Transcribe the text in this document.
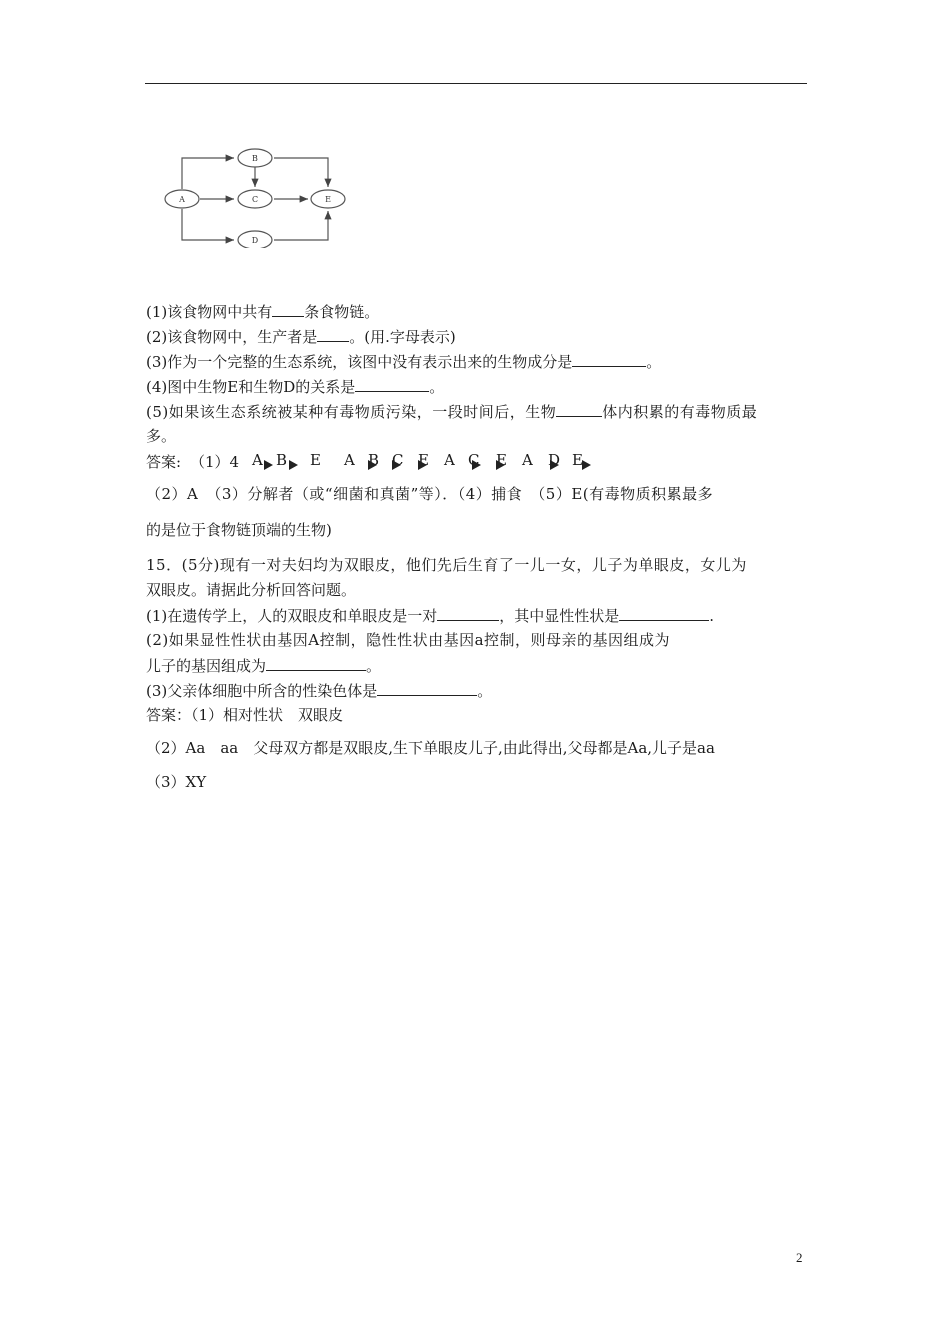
A
B
C
D
E
(1)该食物网中共有 条食物链。
(2)该食物网中，生产者是 。(用.字母表示)
(3)作为一个完整的生态系统，该图中没有表示出来的生物成分是	。
(4)图中生物E和生物D的关系是	。
(5)如果该生态系统被某种有毒物质污染，一段时间后，生物	体内积累的有毒物质最
多。
答案: （1）4 A B E A B C E A C E A D E
（2）A　（3）分解者（或“细菌和真菌”等）．（4）捕食　（5）E(有毒物质积累最多
的是位于食物链顶端的生物)
15．(5分)现有一对夫妇均为双眼皮，他们先后生育了一儿一女，儿子为单眼皮，女儿为
双眼皮。请据此分析回答问题。
(1)在遗传学上，人的双眼皮和单眼皮是一对	，其中显性性状是	.
(2)如果显性性状由基因A控制，隐性性状由基因a控制，则母亲的基因组成为
儿子的基因组成为	。
(3)父亲体细胞中所含的性染色体是	。
答案：（1）相对性状　双眼皮
（2）Aa　aa　父母双方都是双眼皮,生下单眼皮儿子,由此得出,父母都是Aa,儿子是aa
（3）XY
2
